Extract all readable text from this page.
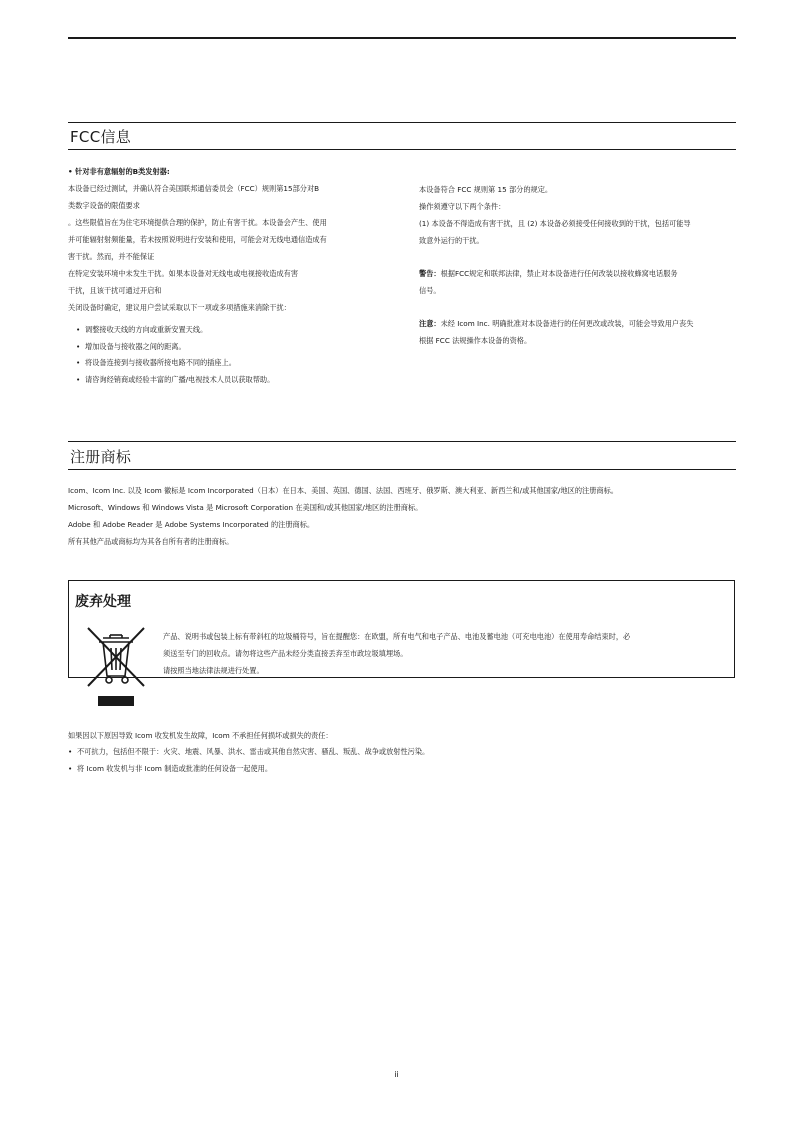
FCC信息
• 针对非有意辐射的B类发射器:
本设备已经过测试，并确认符合美国联邦通信委员会（FCC）规则第15部分对B
类数字设备的限值要求
。这些限值旨在为住宅环境提供合理的保护，防止有害干扰。本设备会产生、使用
并可能辐射射频能量，若未按照说明进行安装和使用，可能会对无线电通信造成有
害干扰。然而，并不能保证
在特定安装环境中未发生干扰。如果本设备对无线电或电视接收造成有害
干扰，且该干扰可通过开启和
关闭设备时确定，建议用户尝试采取以下一项或多项措施来消除干扰：
• 调整接收天线的方向或重新安置天线。
• 增加设备与接收器之间的距离。
• 将设备连接到与接收器所接电路不同的插座上。
• 请咨询经销商或经验丰富的广播/电视技术人员以获取帮助。
本设备符合 FCC 规则第 15 部分的规定。
操作须遵守以下两个条件：
(1) 本设备不得造成有害干扰，且 (2) 本设备必须接受任何接收到的干扰，包括可能导
致意外运行的干扰。
警告：根据FCC规定和联邦法律，禁止对本设备进行任何改装以接收蜂窝电话服务
信号。
注意：未经 Icom Inc. 明确批准对本设备进行的任何更改或改装，可能会导致用户丧失
根据 FCC 法规操作本设备的资格。
注册商标
Icom、Icom Inc. 以及 Icom 徽标是 Icom Incorporated（日本）在日本、美国、英国、德国、法国、西班牙、俄罗斯、澳大利亚、新西兰和/或其他国家/地区的注册商标。
Microsoft、Windows 和 Windows Vista 是 Microsoft Corporation 在美国和/或其他国家/地区的注册商标。
Adobe 和 Adobe Reader 是 Adobe Systems Incorporated 的注册商标。
所有其他产品或商标均为其各自所有者的注册商标。
废弃处理
产品、说明书或包装上标有带斜杠的垃圾桶符号，旨在提醒您：在欧盟，所有电气和电子产品、电池及蓄电池（可充电电池）在使用寿命结束时，必
须送至专门的回收点。请勿将这些产品未经分类直接丢弃至市政垃圾填埋场。
请按照当地法律法规进行处置。
如果因以下原因导致 Icom 收发机发生故障，Icom 不承担任何损坏或损失的责任：
• 不可抗力，包括但不限于：火灾、地震、风暴、洪水、雷击或其他自然灾害、骚乱、叛乱、战争或放射性污染。
• 将 Icom 收发机与非 Icom 制造或批准的任何设备一起使用。
ii
